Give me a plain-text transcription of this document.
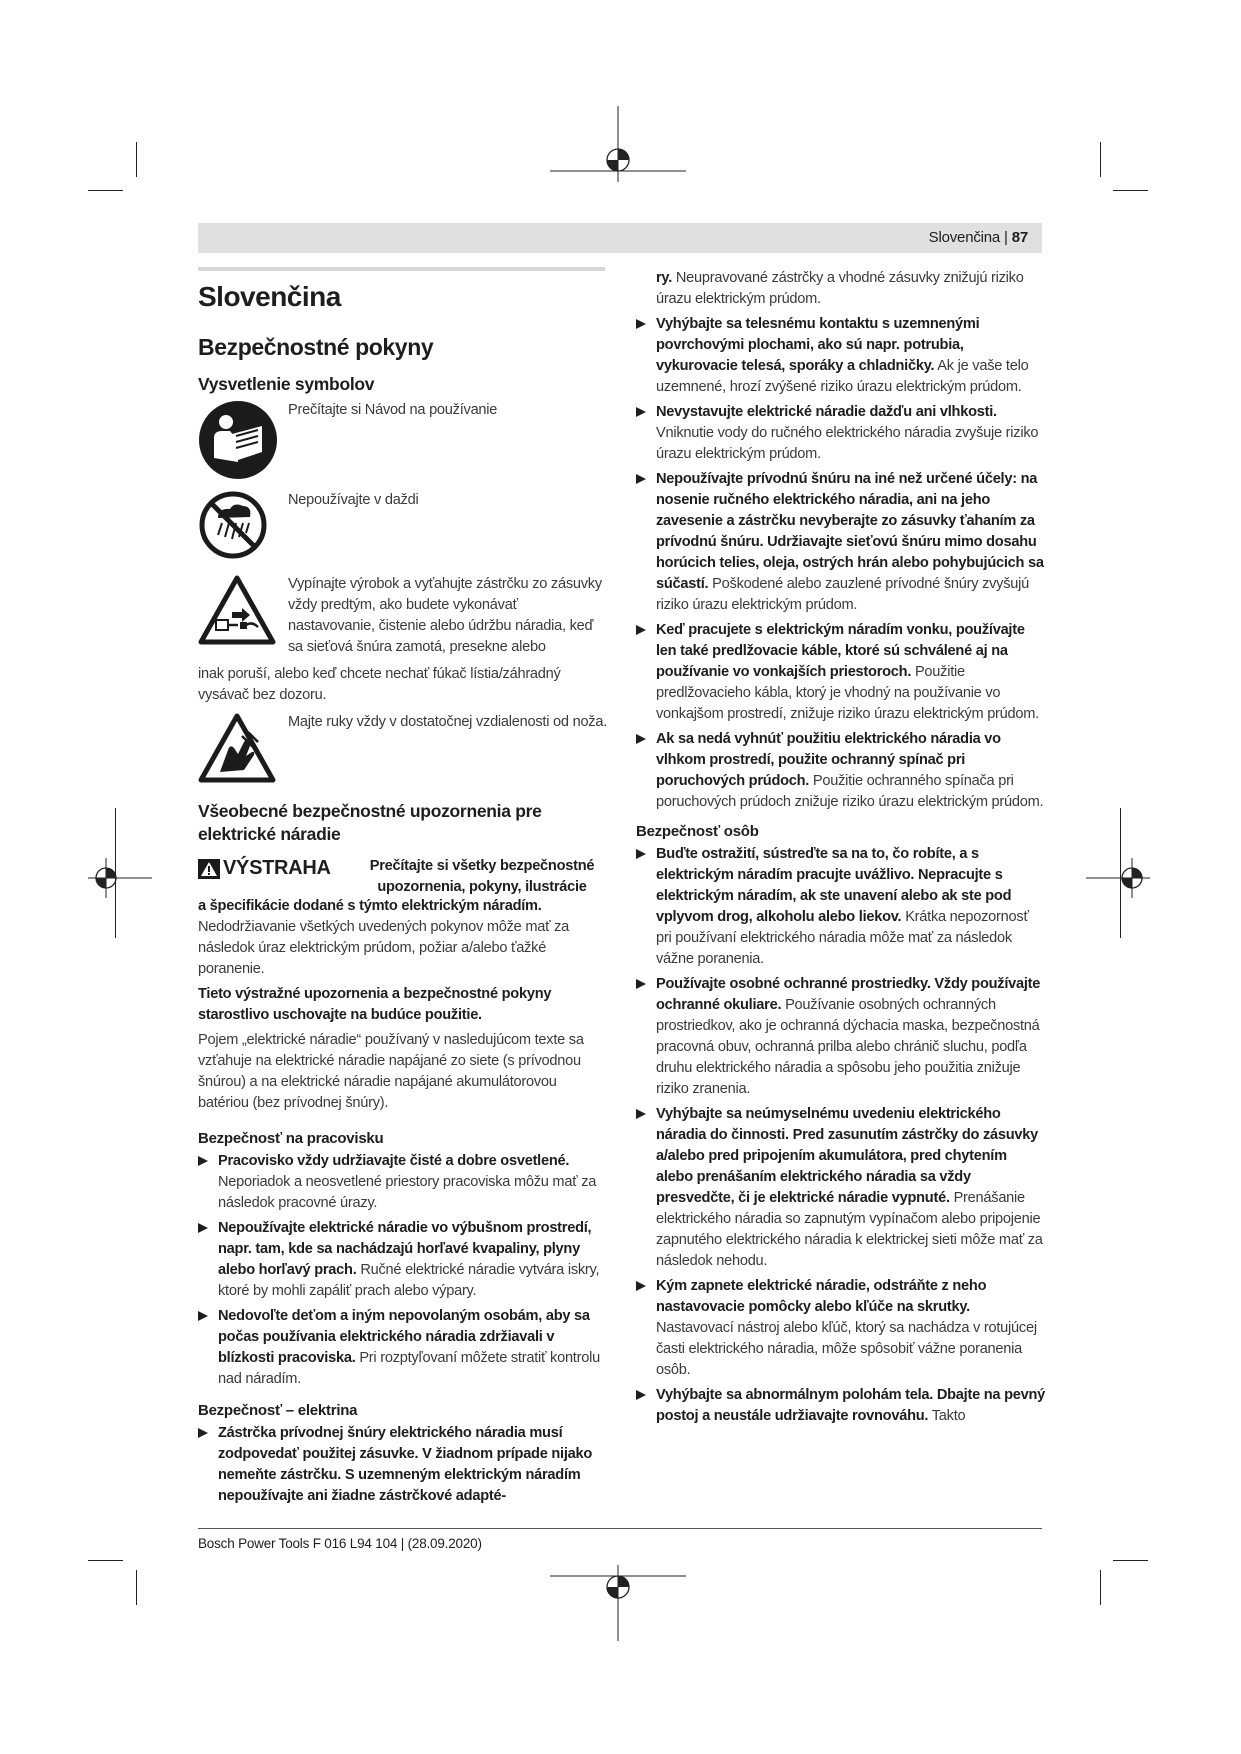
Slovenčina | 87
Slovenčina
Bezpečnostné pokyny
Vysvetlenie symbolov

Prečítajte si Návod na používanie

Nepoužívajte v daždi

Vypínajte výrobok a vyťahujte zástrčku zo zásuvky vždy predtým, ako budete vykonávať nastavovanie, čistenie alebo údržbu náradia, keď sa sieťová šnúra zamotá, presekne alebo

inak poruší, alebo keď chcete nechať fúkač lístia/záhradný vysávač bez dozoru.

Majte ruky vždy v dostatočnej vzdialenosti od noža.

Všeobecné bezpečnostné upozornenia pre elektrické náradie
VÝSTRAHA	Prečítajte si všetky bezpečnostné upozornenia, pokyny, ilustrácie

a špecifikácie dodané s týmto elektrickým náradím.

Nedodržiavanie všetkých uvedených pokynov môže mať za následok úraz elektrickým prúdom, požiar a/alebo ťažké poranenie.

Tieto výstražné upozornenia a bezpečnostné pokyny starostlivo uschovajte na budúce použitie.

Pojem „elektrické náradie“ používaný v nasledujúcom texte sa vzťahuje na elektrické náradie napájané zo siete (s prívodnou šnúrou) a na elektrické náradie napájané akumulátorovou batériou (bez prívodnej šnúry).

Bezpečnosť na pracovisku
Pracovisko vždy udržiavajte čisté a dobre osvetlené. Neporiadok a neosvetlené priestory pracoviska môžu mať za následok pracovné úrazy.
Nepoužívajte elektrické náradie vo výbušnom prostredí, napr. tam, kde sa nachádzajú horľavé kvapaliny, plyny alebo horľavý prach. Ručné elektrické náradie vytvára iskry, ktoré by mohli zapáliť prach alebo výpary.
Nedovoľte deťom a iným nepovolaným osobám, aby sa počas používania elektrického náradia zdržiavali v blízkosti pracoviska. Pri rozptyľovaní môžete stratiť kontrolu nad náradím.
Bezpečnosť – elektrina
Zástrčka prívodnej šnúry elektrického náradia musí zodpovedať použitej zásuvke. V žiadnom prípade nijako nemeňte zástrčku. S uzemneným elektrickým náradím nepoužívajte ani žiadne zástrčkové adapté-

ry. Neupravované zástrčky a vhodné zásuvky znižujú riziko úrazu elektrickým prúdom.

Vyhýbajte sa telesnému kontaktu s uzemnenými povrchovými plochami, ako sú napr. potrubia, vykurovacie telesá, sporáky a chladničky. Ak je vaše telo uzemnené, hrozí zvýšené riziko úrazu elektrickým prúdom.
Nevystavujte elektrické náradie dažďu ani vlhkosti. Vniknutie vody do ručného elektrického náradia zvyšuje riziko úrazu elektrickým prúdom.
Nepoužívajte prívodnú šnúru na iné než určené účely: na nosenie ručného elektrického náradia, ani na jeho zavesenie a zástrčku nevyberajte zo zásuvky ťahaním za prívodnú šnúru. Udržiavajte sieťovú šnúru mimo dosahu horúcich telies, oleja, ostrých hrán alebo pohybujúcich sa súčastí. Poškodené alebo zauzlené prívodné šnúry zvyšujú riziko úrazu elektrickým prúdom.
Keď pracujete s elektrickým náradím vonku, používajte len také predlžovacie káble, ktoré sú schválené aj na používanie vo vonkajších priestoroch. Použitie predlžovacieho kábla, ktorý je vhodný na používanie vo vonkajšom prostredí, znižuje riziko úrazu elektrickým prúdom.
Ak sa nedá vyhnúť použitiu elektrického náradia vo vlhkom prostredí, použite ochranný spínač pri poruchových prúdoch. Použitie ochranného spínača pri poruchových prúdoch znižuje riziko úrazu elektrickým prúdom.
Bezpečnosť osôb
Buďte ostražití, sústreďte sa na to, čo robíte, a s elektrickým náradím pracujte uvážlivo. Nepracujte s elektrickým náradím, ak ste unavení alebo ak ste pod vplyvom drog, alkoholu alebo liekov. Krátka nepozornosť pri používaní elektrického náradia môže mať za následok vážne poranenia.
Používajte osobné ochranné prostriedky. Vždy používajte ochranné okuliare. Používanie osobných ochranných prostriedkov, ako je ochranná dýchacia maska, bezpečnostná pracovná obuv, ochranná prilba alebo chránič sluchu, podľa druhu elektrického náradia a spôsobu jeho použitia znižuje riziko zranenia.
Vyhýbajte sa neúmyselnému uvedeniu elektrického náradia do činnosti. Pred zasunutím zástrčky do zásuvky a/alebo pred pripojením akumulátora, pred chytením alebo prenášaním elektrického náradia sa vždy presvedčte, či je elektrické náradie vypnuté. Prenášanie elektrického náradia so zapnutým vypínačom alebo pripojenie zapnutého elektrického náradia k elektrickej sieti môže mať za následok nehodu.
Kým zapnete elektrické náradie, odstráňte z neho nastavovacie pomôcky alebo kľúče na skrutky. Nastavovací nástroj alebo kľúč, ktorý sa nachádza v rotujúcej časti elektrického náradia, môže spôsobiť vážne poranenia osôb.
Vyhýbajte sa abnormálnym polohám tela. Dbajte na pevný postoj a neustále udržiavajte rovnováhu. Takto
Bosch Power Tools F 016 L94 104 | (28.09.2020)
